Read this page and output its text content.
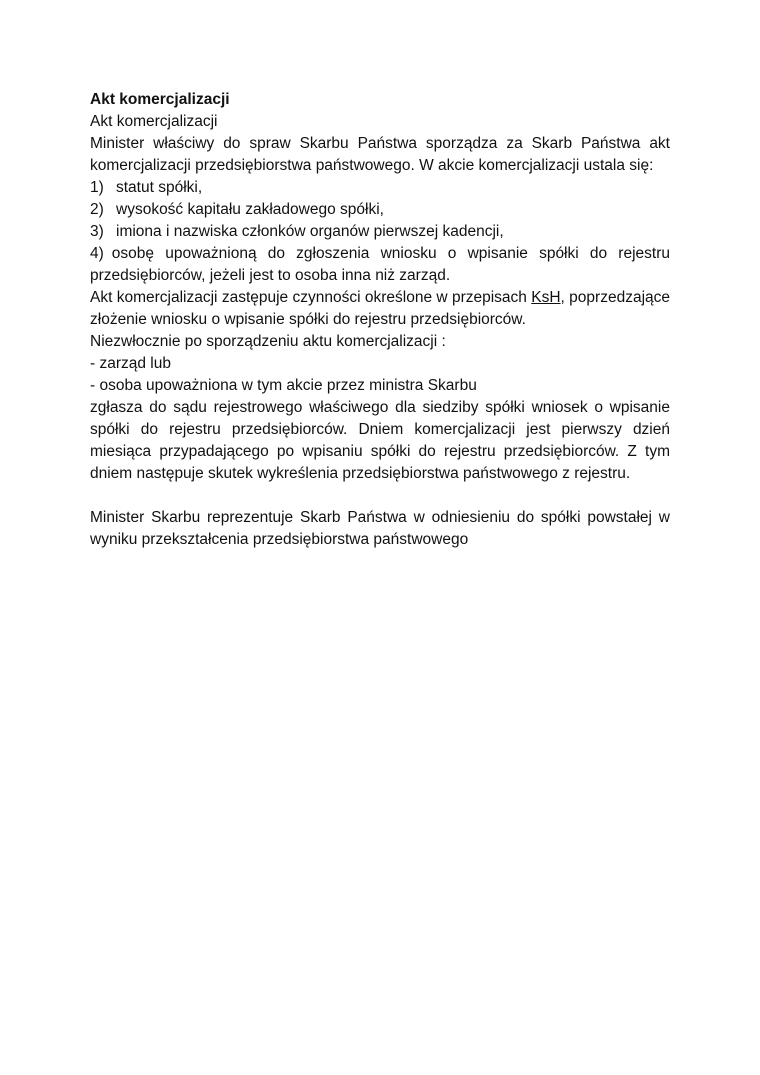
Akt komercjalizacji

Akt komercjalizacji

Minister właściwy do spraw Skarbu Państwa sporządza za Skarb Państwa akt komercjalizacji przedsiębiorstwa państwowego. W akcie komercjalizacji ustala się:

1) statut spółki,
2) wysokość kapitału zakładowego spółki,
3) imiona i nazwiska członków organów pierwszej kadencji,
4) osobę upoważnioną do zgłoszenia wniosku o wpisanie spółki do rejestru

przedsiębiorców, jeżeli jest to osoba inna niż zarząd.

Akt komercjalizacji zastępuje czynności określone w przepisach KsH, poprzedzające złożenie wniosku o wpisanie spółki do rejestru przedsiębiorców.

Niezwłocznie po sporządzeniu aktu komercjalizacji :

- zarząd lub

- osoba upoważniona w tym akcie przez ministra Skarbu

zgłasza do sądu rejestrowego właściwego dla siedziby spółki wniosek o wpisanie spółki do rejestru przedsiębiorców. Dniem komercjalizacji jest pierwszy dzień miesiąca przypadającego po wpisaniu spółki do rejestru przedsiębiorców. Z tym dniem następuje skutek wykreślenia przedsiębiorstwa państwowego z rejestru.

Minister Skarbu reprezentuje Skarb Państwa w odniesieniu do spółki powstałej w wyniku przekształcenia przedsiębiorstwa państwowego
